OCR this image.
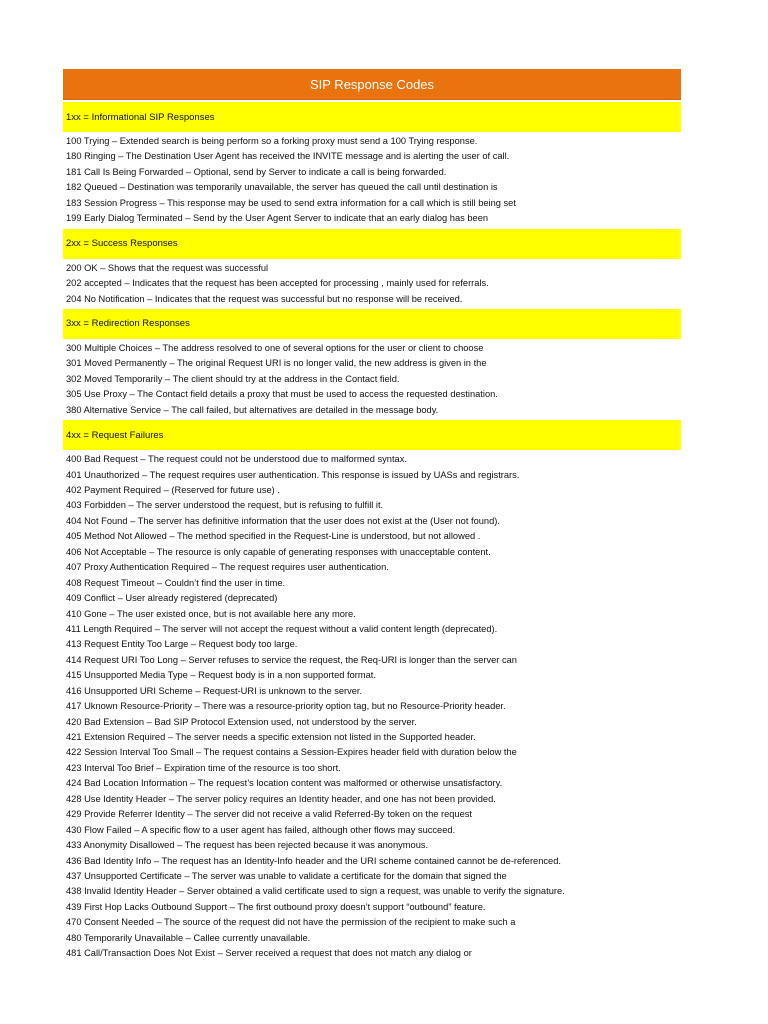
SIP Response Codes
1xx = Informational SIP Responses
100 Trying – Extended search is being perform so a forking proxy must send a 100 Trying response.
180 Ringing – The Destination User Agent has received the INVITE message and is alerting the user of call.
181 Call Is Being Forwarded – Optional, send by Server to indicate a call is being forwarded.
182 Queued – Destination was temporarily unavailable, the server has queued the call until destination is
183 Session Progress – This response may be used to send extra information for a call which is still being set
199 Early Dialog Terminated – Send by the User Agent Server to indicate that an early dialog has been
2xx = Success Responses
200 OK – Shows that the request was successful
202 accepted – Indicates that the request has been accepted for processing , mainly used for referrals.
204 No Notification – Indicates that the request was successful but no response will be received.
3xx = Redirection Responses
300 Multiple Choices – The address resolved to one of several options for the user or client to choose
301 Moved Permanently – The original Request URI is no longer valid, the new address is given in the
302 Moved Temporarily – The client should try at the address in the Contact field.
305 Use Proxy – The Contact field details a proxy that must be used to access the requested destination.
380 Alternative Service – The call failed, but alternatives are detailed in the message body.
4xx = Request Failures
400 Bad Request – The request could not be understood due to malformed syntax.
401 Unauthorized – The request requires user authentication. This response is issued by UASs and registrars.
402 Payment Required – (Reserved for future use) .
403 Forbidden – The server understood the request, but is refusing to fulfill it.
404 Not Found – The server has definitive information that the user does not exist at the (User not found).
405 Method Not Allowed – The method specified in the Request-Line is understood, but not allowed .
406 Not Acceptable – The resource is only capable of generating responses with unacceptable content.
407 Proxy Authentication Required – The request requires user authentication.
408 Request Timeout – Couldn’t find the user in time.
409 Conflict – User already registered (deprecated)
410 Gone – The user existed once, but is not available here any more.
411 Length Required – The server will not accept the request without a valid content length (deprecated).
413 Request Entity Too Large – Request body too large.
414 Request URI Too Long – Server refuses to service the request, the Req-URI is longer than the server can
415 Unsupported Media Type – Request body is in a non supported format.
416 Unsupported URI Scheme – Request-URI is unknown to the server.
417 Uknown Resource-Priority – There was a resource-priority option tag, but no Resource-Priority header.
420 Bad Extension – Bad SIP Protocol Extension used, not understood by the server.
421 Extension Required – The server needs a specific extension not listed in the Supported header.
422 Session Interval Too Small – The request contains a Session-Expires header field with duration below the
423 Interval Too Brief – Expiration time of the resource is too short.
424 Bad Location Information – The request’s location content was malformed or otherwise unsatisfactory.
428 Use Identity Header – The server policy requires an Identity header, and one has not been provided.
429 Provide Referrer Identity – The server did not receive a valid Referred-By token on the request
430 Flow Failed – A specific flow to a user agent has failed, although other flows may succeed.
433 Anonymity Disallowed – The request has been rejected because it was anonymous.
436 Bad Identity Info – The request has an Identity-Info header and the URI scheme contained cannot be de-referenced.
437 Unsupported Certificate – The server was unable to validate a certificate for the domain that signed the
438 Invalid Identity Header – Server obtained a valid certificate used to sign a request, was unable to verify the signature.
439 First Hop Lacks Outbound Support – The first outbound proxy doesn’t support “outbound” feature.
470 Consent Needed – The source of the request did not have the permission of the recipient to make such a
480 Temporarily Unavailable – Callee currently unavailable.
481 Call/Transaction Does Not Exist – Server received a request that does not match any dialog or
